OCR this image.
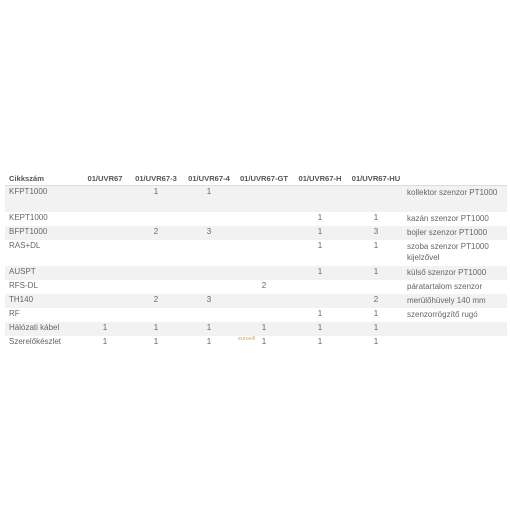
Cikkszám	01/UVR67	01/UVR67-3	01/UVR67-4	01/UVR67-GT	01/UVR67-H	01/UVR67-HU	
KFPT1000		1	1				kollektor szenzor PT1000
KEPT1000					1	1	kazán szenzor PT1000
BFPT1000		2	3		1	3	bojler szenzor PT1000
RAS+DL					1	1	szoba szenzor PT1000 kijelzővel
AUSPT					1	1	külső szenzor PT1000
RFS-DL				2			páratartalom szenzor
TH140		2	3			2	merülőhüvely 140 mm
RF					1	1	szenzorrögzítő rugó
Hálózati kábel	1	1	1	1	1	1	
Szerelőkészlet	1	1	1	1	1	1	
eurovill
